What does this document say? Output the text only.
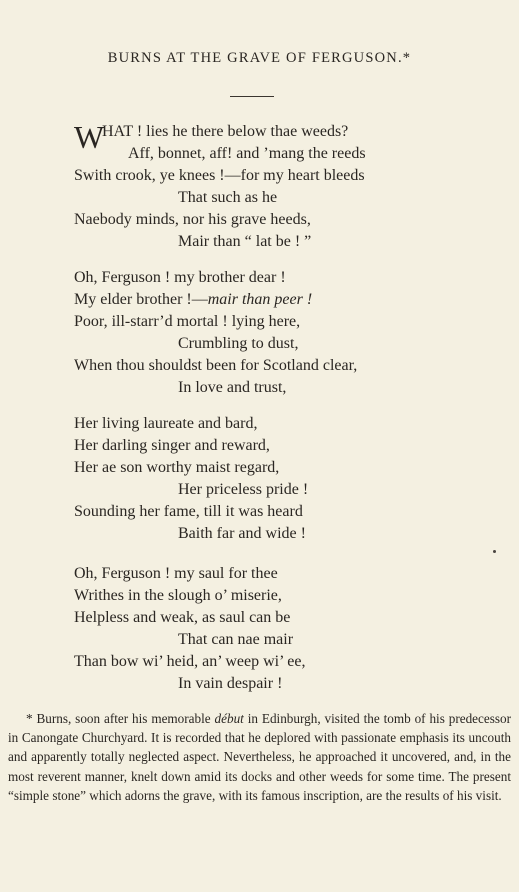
BURNS AT THE GRAVE OF FERGUSON.*
W
HAT ! lies he there below thae weeds?
Aff, bonnet, aff! and ’mang the reeds
Swith crook, ye knees !—for my heart bleeds
That such as he
Naebody minds, nor his grave heeds,
Mair than “ lat be ! ”
Oh, Ferguson ! my brother dear !
My elder brother !—mair than peer !
Poor, ill-starr’d mortal ! lying here,
Crumbling to dust,
When thou shouldst been for Scotland clear,
In love and trust,
Her living laureate and bard,
Her darling singer and reward,
Her ae son worthy maist regard,
Her priceless pride !
Sounding her fame, till it was heard
Baith far and wide !
Oh, Ferguson ! my saul for thee
Writhes in the slough o’ miserie,
Helpless and weak, as saul can be
That can nae mair
Than bow wi’ heid, an’ weep wi’ ee,
In vain despair !

* Burns, soon after his memorable début in Edinburgh, visited the tomb of his predecessor in Canongate Churchyard. It is recorded that he deplored with passionate emphasis its uncouth and apparently totally neglected aspect. Nevertheless, he approached it uncovered, and, in the most reverent manner, knelt down amid its docks and other weeds for some time. The present “simple stone” which adorns the grave, with its famous inscription, are the results of his visit.
